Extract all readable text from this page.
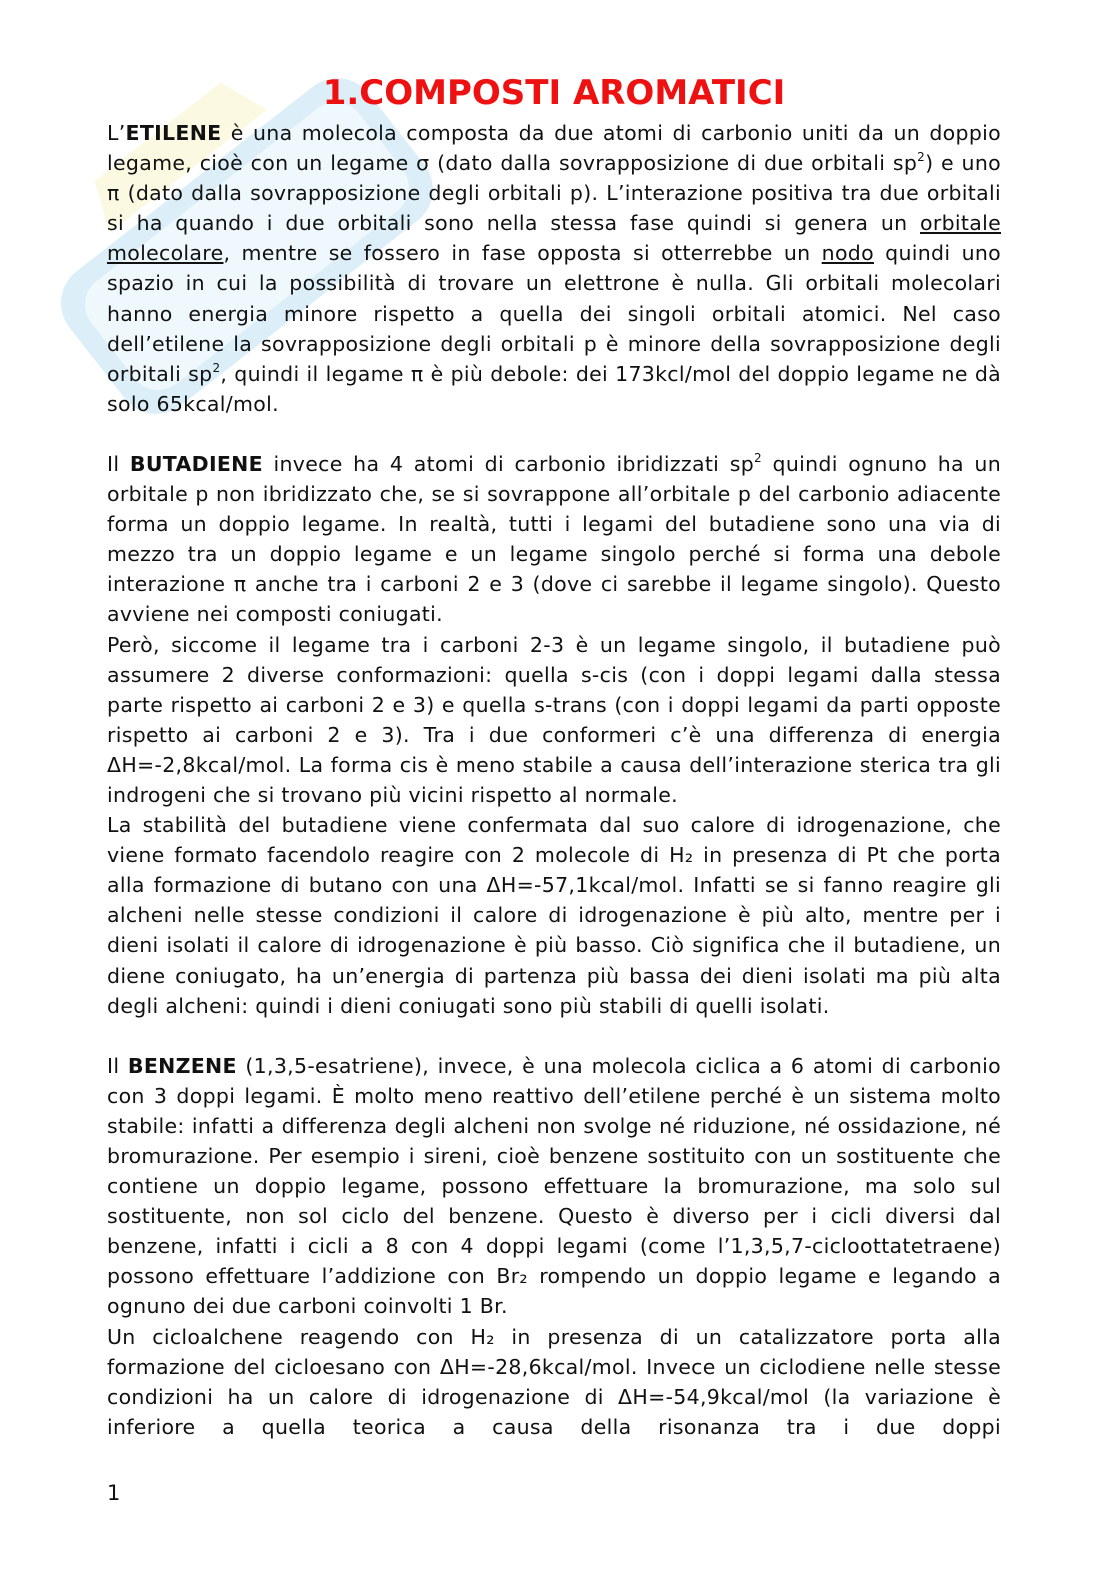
1.COMPOSTI AROMATICI

L’ETILENE è una molecola composta da due atomi di carbonio uniti da un doppio legame, cioè con un legame σ (dato dalla sovrapposizione di due orbitali $sp^2$) e uno π (dato dalla sovrapposizione degli orbitali p). L’interazione positiva tra due orbitali si ha quando i due orbitali sono nella stessa fase quindi si genera un orbitale molecolare, mentre se fossero in fase opposta si otterrebbe un nodo quindi uno spazio in cui la possibilità di trovare un elettrone è nulla. Gli orbitali molecolari hanno energia minore rispetto a quella dei singoli orbitali atomici. Nel caso dell’etilene la sovrapposizione degli orbitali p è minore della sovrapposizione degli orbitali $sp^2$, quindi il legame π è più debole: dei 173kcl/mol del doppio legame ne dà solo 65kcal/mol.

Il BUTADIENE invece ha 4 atomi di carbonio ibridizzati $sp^2$ quindi ognuno ha un orbitale p non ibridizzato che, se si sovrappone all’orbitale p del carbonio adiacente forma un doppio legame. In realtà, tutti i legami del butadiene sono una via di mezzo tra un doppio legame e un legame singolo perché si forma una debole interazione π anche tra i carboni 2 e 3 (dove ci sarebbe il legame singolo). Questo avviene nei composti coniugati.

Però, siccome il legame tra i carboni 2-3 è un legame singolo, il butadiene può assumere 2 diverse conformazioni: quella s-cis (con i doppi legami dalla stessa parte rispetto ai carboni 2 e 3) e quella s-trans (con i doppi legami da parti opposte rispetto ai carboni 2 e 3). Tra i due conformeri c’è una differenza di energia ΔH=-2,8kcal/mol. La forma cis è meno stabile a causa dell’interazione sterica tra gli indrogeni che si trovano più vicini rispetto al normale.

La stabilità del butadiene viene confermata dal suo calore di idrogenazione, che viene formato facendolo reagire con 2 molecole di H₂ in presenza di Pt che porta alla formazione di butano con una ΔH=-57,1kcal/mol. Infatti se si fanno reagire gli alcheni nelle stesse condizioni il calore di idrogenazione è più alto, mentre per i dieni isolati il calore di idrogenazione è più basso. Ciò significa che il butadiene, un diene coniugato, ha un’energia di partenza più bassa dei dieni isolati ma più alta degli alcheni: quindi i dieni coniugati sono più stabili di quelli isolati.

Il BENZENE (1,3,5-esatriene), invece, è una molecola ciclica a 6 atomi di carbonio con 3 doppi legami. È molto meno reattivo dell’etilene perché è un sistema molto stabile: infatti a differenza degli alcheni non svolge né riduzione, né ossidazione, né bromurazione. Per esempio i sireni, cioè benzene sostituito con un sostituente che contiene un doppio legame, possono effettuare la bromurazione, ma solo sul sostituente, non sol ciclo del benzene. Questo è diverso per i cicli diversi dal benzene, infatti i cicli a 8 con 4 doppi legami (come l’1,3,5,7-cicloottatetraene) possono effettuare l’addizione con Br₂ rompendo un doppio legame e legando a ognuno dei due carboni coinvolti 1 Br.

Un cicloalchene reagendo con H₂ in presenza di un catalizzatore porta alla formazione del cicloesano con ΔH=-28,6kcal/mol. Invece un ciclodiene nelle stesse condizioni ha un calore di idrogenazione di ΔH=-54,9kcal/mol (la variazione è inferiore a quella teorica a causa della risonanza tra i due doppi

1
